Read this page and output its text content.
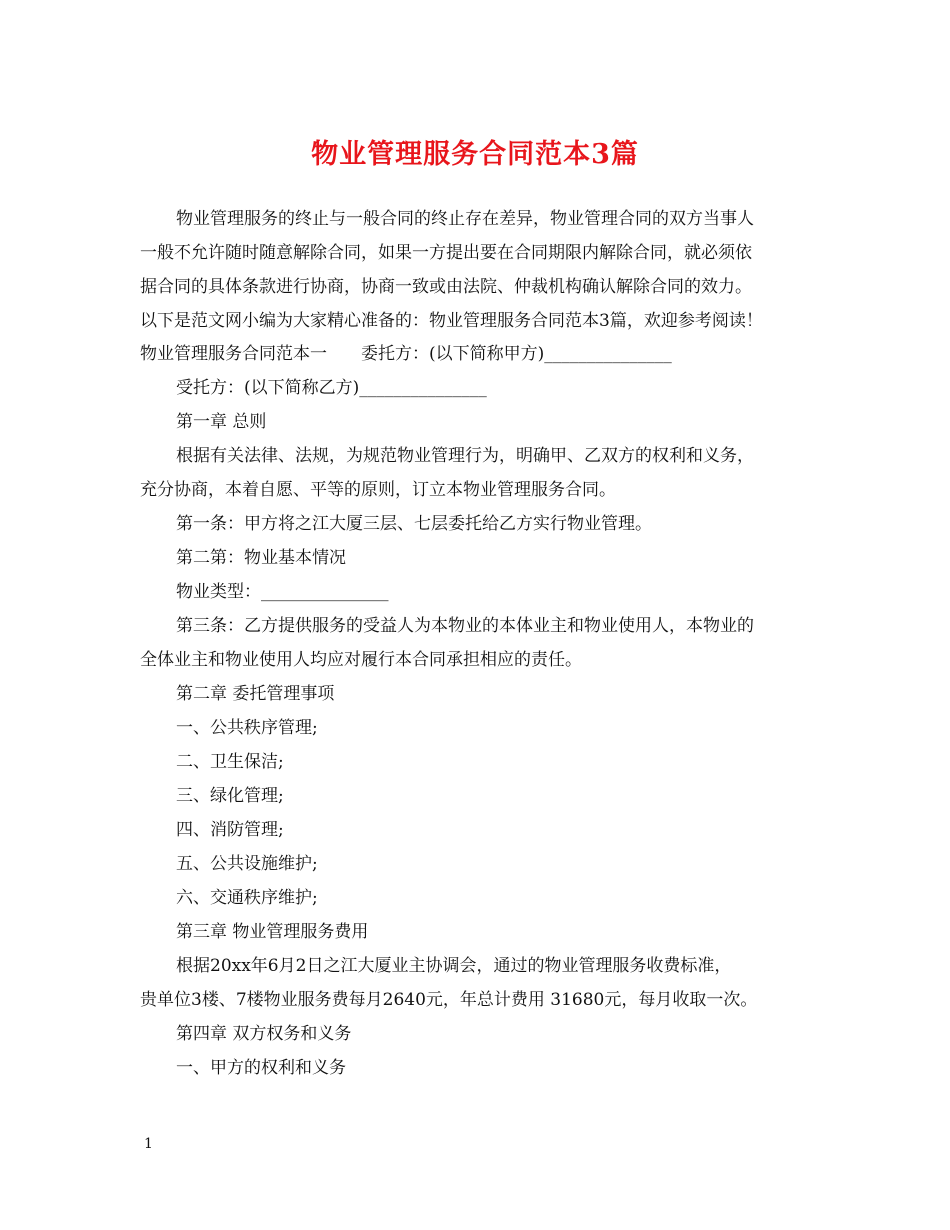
物业管理服务合同范本3篇
物业管理服务的终止与一般合同的终止存在差异，物业管理合同的双方当事人
一般不允许随时随意解除合同，如果一方提出要在合同期限内解除合同，就必须依
据合同的具体条款进行协商，协商一致或由法院、仲裁机构确认解除合同的效力。
以下是范文网小编为大家精心准备的：物业管理服务合同范本3篇，欢迎参考阅读！
物业管理服务合同范本一　　委托方：(以下简称甲方)_______________
受托方：(以下简称乙方)_______________
第一章 总则
根据有关法律、法规，为规范物业管理行为，明确甲、乙双方的权利和义务，
充分协商，本着自愿、平等的原则，订立本物业管理服务合同。
第一条：甲方将之江大厦三层、七层委托给乙方实行物业管理。
第二第：物业基本情况
物业类型：_______________
第三条：乙方提供服务的受益人为本物业的本体业主和物业使用人，本物业的
全体业主和物业使用人均应对履行本合同承担相应的责任。
第二章 委托管理事项
一、公共秩序管理;
二、卫生保洁;
三、绿化管理;
四、消防管理;
五、公共设施维护;
六、交通秩序维护;
第三章 物业管理服务费用
根据20xx年6月2日之江大厦业主协调会，通过的物业管理服务收费标准，
贵单位3楼、7楼物业服务费每月2640元，年总计费用 31680元，每月收取一次。
第四章 双方权务和义务
一、甲方的权利和义务
1
